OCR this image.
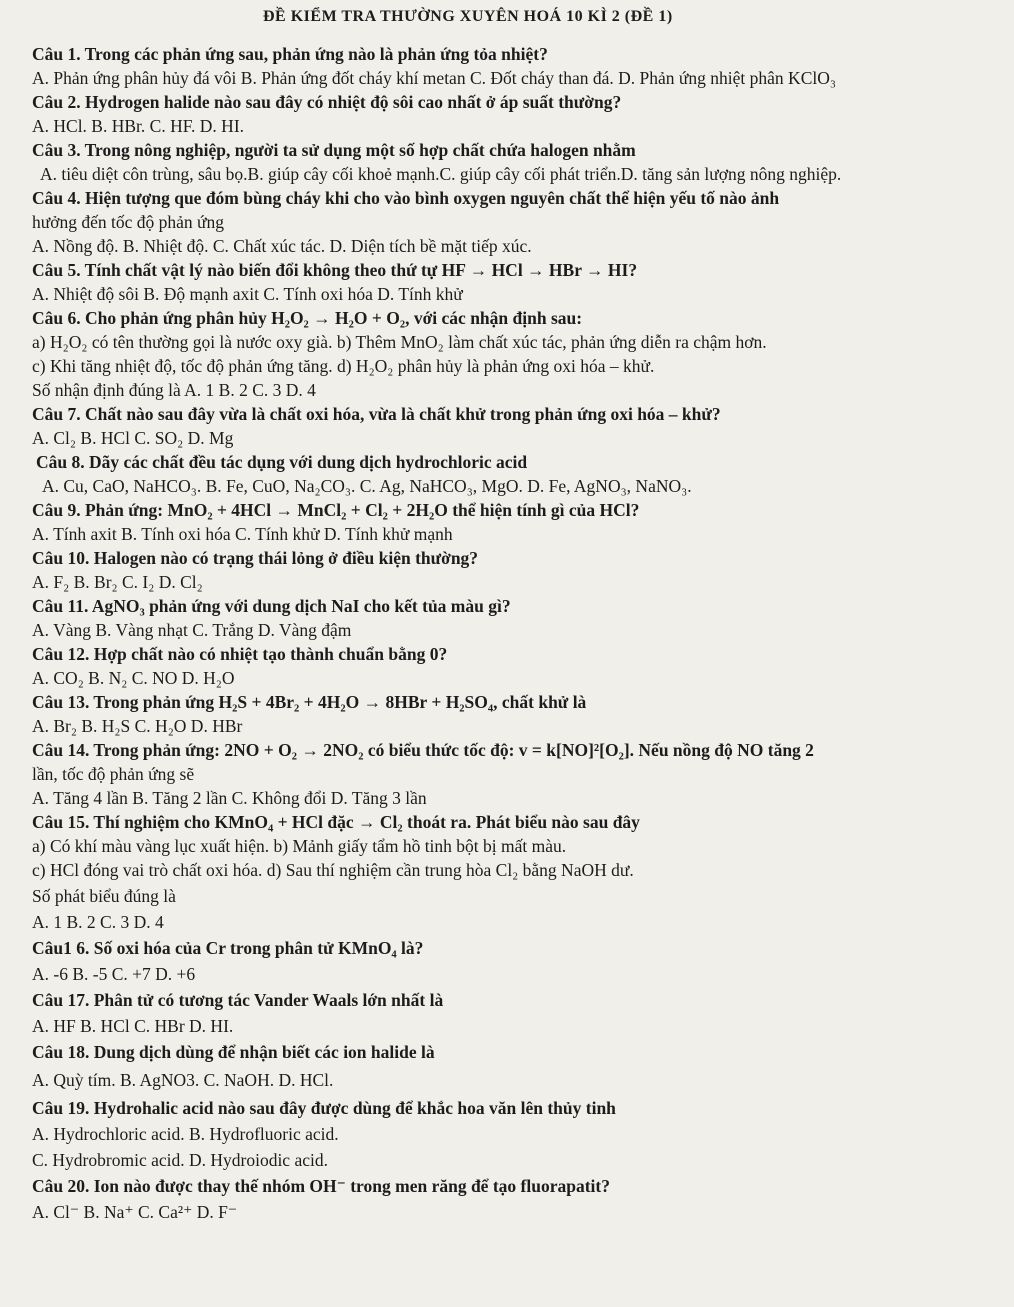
ĐỀ KIỂM TRA THƯỜNG XUYÊN HOÁ 10 KÌ 2 (ĐỀ 1)
Câu 1. Trong các phản ứng sau, phản ứng nào là phản ứng tỏa nhiệt?
A. Phản ứng phân hủy đá vôi B. Phản ứng đốt cháy khí metan C. Đốt cháy than đá. D. Phản ứng nhiệt phân KClO₃
Câu 2. Hydrogen halide nào sau đây có nhiệt độ sôi cao nhất ở áp suất thường?
A. HCl. B. HBr. C. HF. D. HI.
Câu 3. Trong nông nghiệp, người ta sử dụng một số hợp chất chứa halogen nhằm
A. tiêu diệt côn trùng, sâu bọ.B. giúp cây cối khoẻ mạnh.C. giúp cây cối phát triển.D. tăng sản lượng nông nghiệp.
Câu 4. Hiện tượng que đóm bùng cháy khi cho vào bình oxygen nguyên chất thể hiện yếu tố nào ảnh
hưởng đến tốc độ phản ứng
A. Nồng độ. B. Nhiệt độ. C. Chất xúc tác. D. Diện tích bề mặt tiếp xúc.
Câu 5. Tính chất vật lý nào biến đổi không theo thứ tự HF → HCl → HBr → HI?
A. Nhiệt độ sôi B. Độ mạnh axit C. Tính oxi hóa D. Tính khử
Câu 6. Cho phản ứng phân hủy H₂O₂ → H₂O + O₂, với các nhận định sau:
a) H₂O₂ có tên thường gọi là nước oxy già. b) Thêm MnO₂ làm chất xúc tác, phản ứng diễn ra chậm hơn.
c) Khi tăng nhiệt độ, tốc độ phản ứng tăng. d) H₂O₂ phân hủy là phản ứng oxi hóa – khử.
Số nhận định đúng là A. 1 B. 2 C. 3 D. 4
Câu 7. Chất nào sau đây vừa là chất oxi hóa, vừa là chất khử trong phản ứng oxi hóa – khử?
A. Cl₂ B. HCl C. SO₂ D. Mg
Câu 8. Dãy các chất đều tác dụng với dung dịch hydrochloric acid
A. Cu, CaO, NaHCO₃. B. Fe, CuO, Na₂CO₃. C. Ag, NaHCO₃, MgO. D. Fe, AgNO₃, NaNO₃.
Câu 9. Phản ứng: MnO₂ + 4HCl → MnCl₂ + Cl₂ + 2H₂O thể hiện tính gì của HCl?
A. Tính axit B. Tính oxi hóa C. Tính khử D. Tính khử mạnh
Câu 10. Halogen nào có trạng thái lỏng ở điều kiện thường?
A. F₂ B. Br₂ C. I₂ D. Cl₂
Câu 11. AgNO₃ phản ứng với dung dịch NaI cho kết tủa màu gì?
A. Vàng B. Vàng nhạt C. Trắng D. Vàng đậm
Câu 12. Hợp chất nào có nhiệt tạo thành chuẩn bằng 0?
A. CO₂ B. N₂ C. NO D. H₂O
Câu 13. Trong phản ứng H₂S + 4Br₂ + 4H₂O → 8HBr + H₂SO₄, chất khử là
A. Br₂ B. H₂S C. H₂O D. HBr
Câu 14. Trong phản ứng: 2NO + O₂ → 2NO₂ có biểu thức tốc độ: v = k[NO]²[O₂]. Nếu nồng độ NO tăng 2
lần, tốc độ phản ứng sẽ
A. Tăng 4 lần B. Tăng 2 lần C. Không đổi D. Tăng 3 lần
Câu 15. Thí nghiệm cho KMnO₄ + HCl đặc → Cl₂ thoát ra. Phát biểu nào sau đây
a) Có khí màu vàng lục xuất hiện. b) Mảnh giấy tẩm hồ tinh bột bị mất màu.
c) HCl đóng vai trò chất oxi hóa. d) Sau thí nghiệm cần trung hòa Cl₂ bằng NaOH dư.
Số phát biểu đúng là
A. 1 B. 2 C. 3 D. 4
Câu1 6. Số oxi hóa của Cr trong phân tử KMnO₄ là?
A. -6 B. -5 C. +7 D. +6
Câu 17. Phân tử có tương tác Vander Waals lớn nhất là
A. HF B. HCl C. HBr D. HI.
Câu 18. Dung dịch dùng để nhận biết các ion halide là
A. Quỳ tím. B. AgNO3. C. NaOH. D. HCl.
Câu 19. Hydrohalic acid nào sau đây được dùng để khắc hoa văn lên thủy tinh
A. Hydrochloric acid. B. Hydrofluoric acid.
C. Hydrobromic acid. D. Hydroiodic acid.
Câu 20. Ion nào được thay thế nhóm OH⁻ trong men răng để tạo fluorapatit?
A. Cl⁻ B. Na⁺ C. Ca²⁺ D. F⁻
